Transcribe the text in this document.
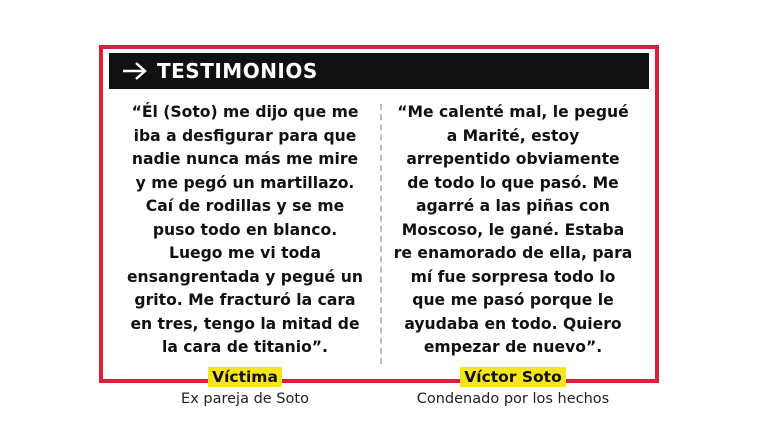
TESTIMONIOS

“Él (Soto) me dijo que me iba a desfigurar para que nadie nunca más me mire y me pegó un martillazo. Caí de rodillas y se me puso todo en blanco. Luego me vi toda ensangrentada y pegué un grito. Me fracturó la cara en tres, tengo la mitad de la cara de titanio”.

Víctima
Ex pareja de Soto

“Me calenté mal, le pegué a Marité, estoy arrepentido obviamente de todo lo que pasó. Me agarré a las piñas con Moscoso, le gané. Estaba re enamorado de ella, para mí fue sorpresa todo lo que me pasó porque le ayudaba en todo. Quiero empezar de nuevo”.

Víctor Soto
Condenado por los hechos
